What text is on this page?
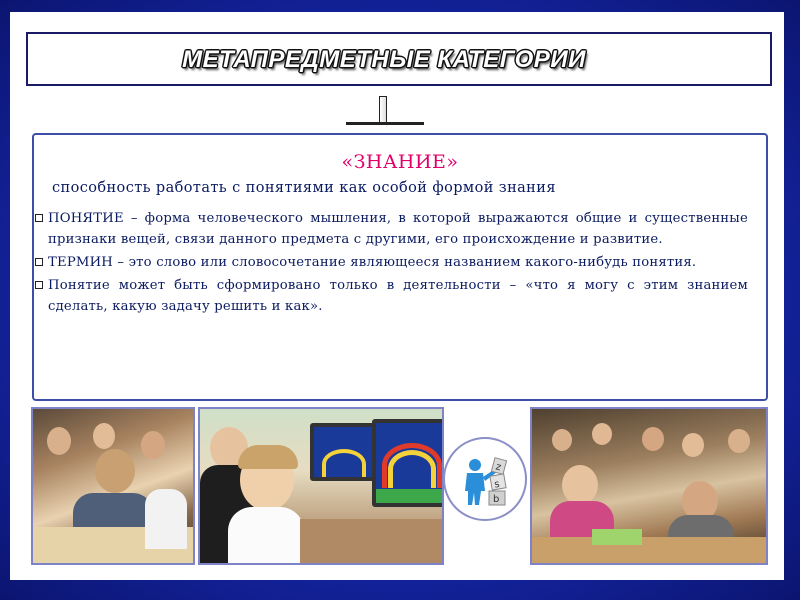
МЕТАПРЕДМЕТНЫЕ КАТЕГОРИИ
«ЗНАНИЕ»
способность работать с понятиями как особой формой знания
ПОНЯТИЕ – форма человеческого мышления, в которой выражаются общие и существенные признаки вещей, связи данного предмета с другими, его происхождение и развитие.
ТЕРМИН – это слово или словосочетание являющееся названием какого-нибудь понятия.
Понятие может быть сформировано только в деятельности – «что я могу с этим знанием сделать, какую задачу решить и как».
z
s
b
